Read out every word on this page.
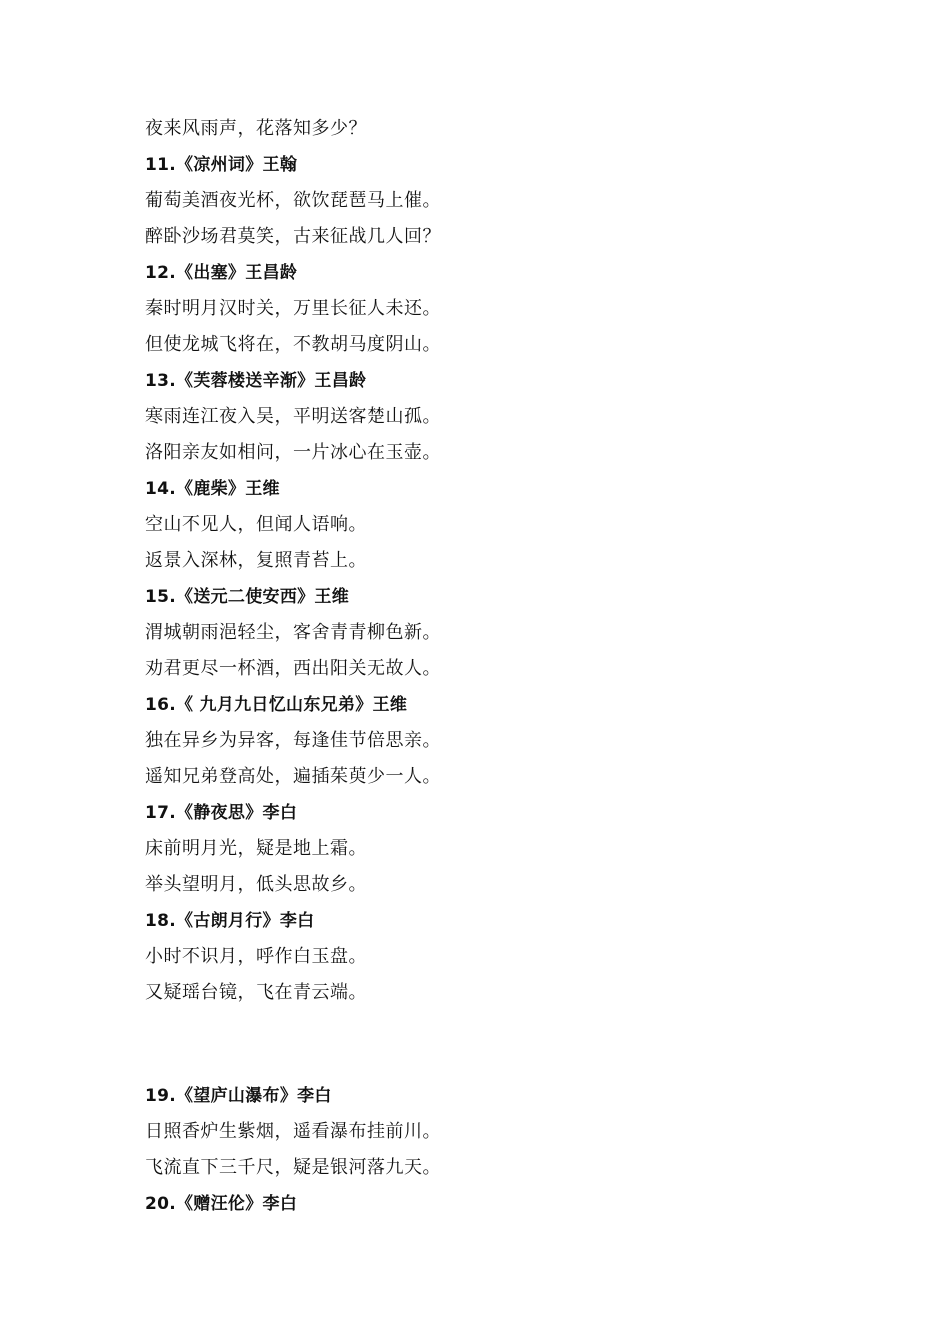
夜来风雨声，花落知多少？
11.《凉州词》王翰
葡萄美酒夜光杯，欲饮琵琶马上催。
醉卧沙场君莫笑，古来征战几人回？
12.《出塞》王昌龄
秦时明月汉时关，万里长征人未还。
但使龙城飞将在，不教胡马度阴山。
13.《芙蓉楼送辛渐》王昌龄
寒雨连江夜入吴，平明送客楚山孤。
洛阳亲友如相问，一片冰心在玉壶。
14.《鹿柴》王维
空山不见人，但闻人语响。
返景入深林，复照青苔上。
15.《送元二使安西》王维
渭城朝雨浥轻尘，客舍青青柳色新。
劝君更尽一杯酒，西出阳关无故人。
16.《 九月九日忆山东兄弟》王维
独在异乡为异客，每逢佳节倍思亲。
遥知兄弟登高处，遍插茱萸少一人。
17.《静夜思》李白
床前明月光，疑是地上霜。
举头望明月，低头思故乡。
18.《古朗月行》李白
小时不识月，呼作白玉盘。
又疑瑶台镜，飞在青云端。
19.《望庐山瀑布》李白
日照香炉生紫烟，遥看瀑布挂前川。
飞流直下三千尺，疑是银河落九天。
20.《赠汪伦》李白
